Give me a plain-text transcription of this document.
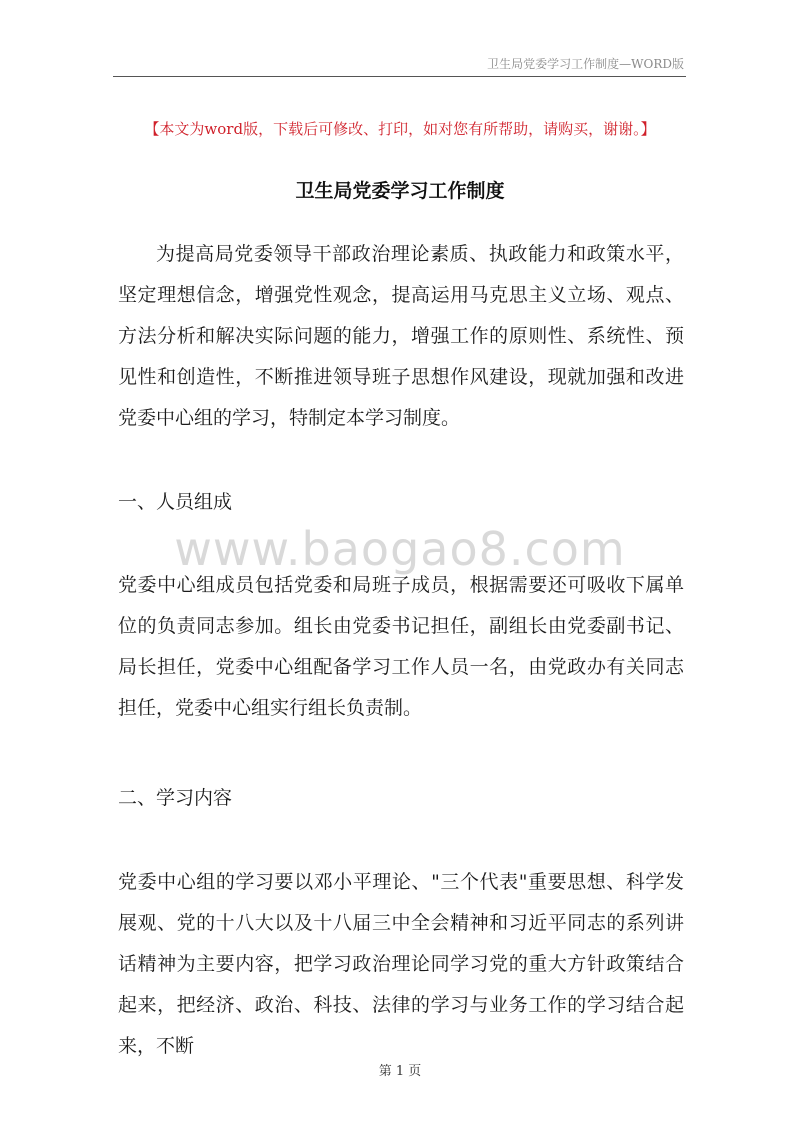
卫生局党委学习工作制度—WORD版
【本文为word版，下载后可修改、打印，如对您有所帮助，请购买，谢谢。】
卫生局党委学习工作制度

为提高局党委领导干部政治理论素质、执政能力和政策水平，坚定理想信念，增强党性观念，提高运用马克思主义立场、观点、方法分析和解决实际问题的能力，增强工作的原则性、系统性、预见性和创造性，不断推进领导班子思想作风建设，现就加强和改进党委中心组的学习，特制定本学习制度。

一、人员组成
www.baogao8.com

党委中心组成员包括党委和局班子成员，根据需要还可吸收下属单位的负责同志参加。组长由党委书记担任，副组长由党委副书记、局长担任，党委中心组配备学习工作人员一名，由党政办有关同志担任，党委中心组实行组长负责制。

二、学习内容

党委中心组的学习要以邓小平理论、"三个代表"重要思想、科学发展观、党的十八大以及十八届三中全会精神和习近平同志的系列讲话精神为主要内容，把学习政治理论同学习党的重大方针政策结合起来，把经济、政治、科技、法律的学习与业务工作的学习结合起来，不断

第 1 页
